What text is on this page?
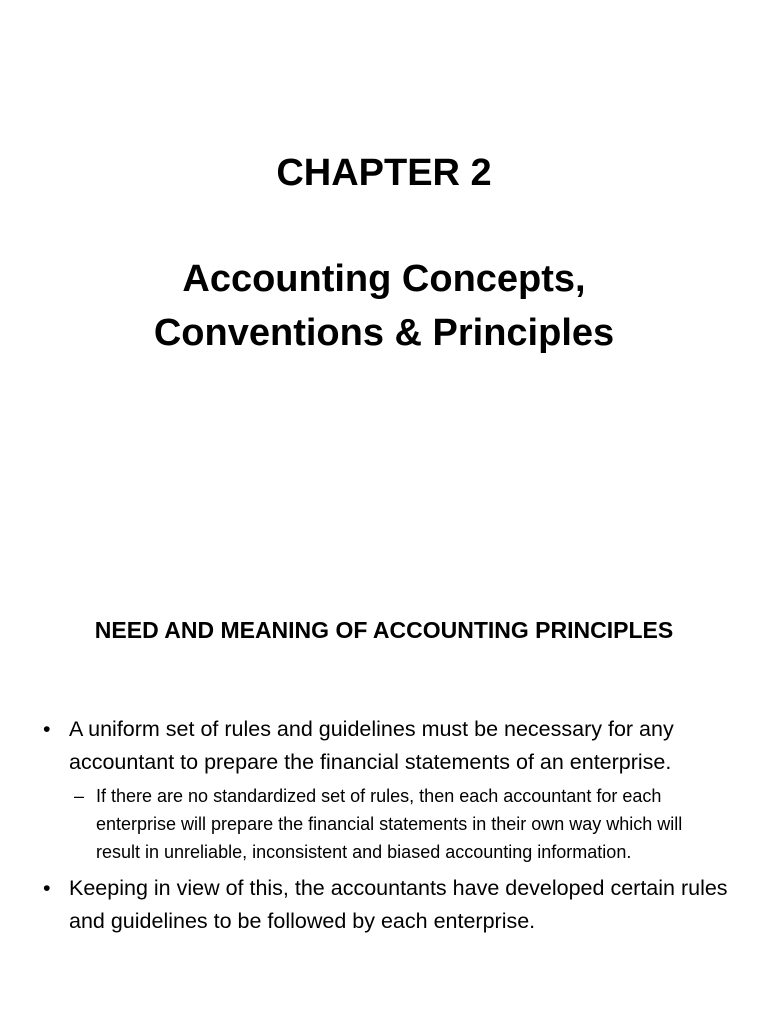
CHAPTER 2
Accounting Concepts,
Conventions & Principles
NEED AND MEANING OF ACCOUNTING PRINCIPLES
• A uniform set of rules and guidelines must be necessary for any accountant to prepare the financial statements of an enterprise.
– If there are no standardized set of rules, then each accountant for each enterprise will prepare the financial statements in their own way which will result in unreliable, inconsistent and biased accounting information.
• Keeping in view of this, the accountants have developed certain rules and guidelines to be followed by each enterprise.
